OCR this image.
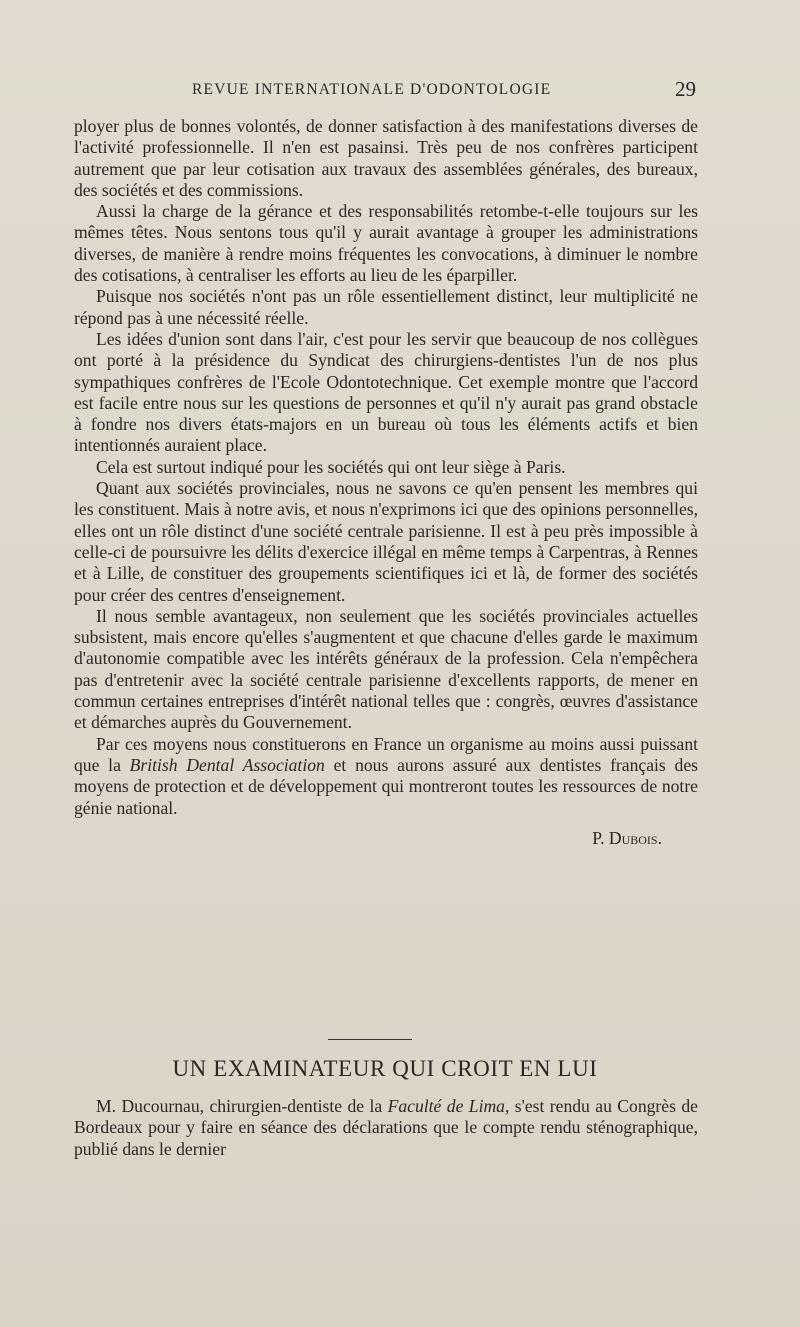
REVUE INTERNATIONALE D'ODONTOLOGIE	29

ployer plus de bonnes volontés, de donner satisfaction à des manifestations diverses de l'activité professionnelle. Il n'en est pasainsi. Très peu de nos confrères participent autrement que par leur cotisation aux travaux des assemblées générales, des bureaux, des sociétés et des commissions.

Aussi la charge de la gérance et des responsabilités retombe-t-elle toujours sur les mêmes têtes. Nous sentons tous qu'il y aurait avantage à grouper les administrations diverses, de manière à rendre moins fréquentes les convocations, à diminuer le nombre des cotisations, à centraliser les efforts au lieu de les éparpiller.

Puisque nos sociétés n'ont pas un rôle essentiellement distinct, leur multiplicité ne répond pas à une nécessité réelle.

Les idées d'union sont dans l'air, c'est pour les servir que beaucoup de nos collègues ont porté à la présidence du Syndicat des chirurgiens-dentistes l'un de nos plus sympathiques confrères de l'Ecole Odontotechnique. Cet exemple montre que l'accord est facile entre nous sur les questions de personnes et qu'il n'y aurait pas grand obstacle à fondre nos divers états-majors en un bureau où tous les éléments actifs et bien intentionnés auraient place.

Cela est surtout indiqué pour les sociétés qui ont leur siège à Paris.

Quant aux sociétés provinciales, nous ne savons ce qu'en pensent les membres qui les constituent. Mais à notre avis, et nous n'exprimons ici que des opinions personnelles, elles ont un rôle distinct d'une société centrale parisienne. Il est à peu près impossible à celle-ci de poursuivre les délits d'exercice illégal en même temps à Carpentras, à Rennes et à Lille, de constituer des groupements scientifiques ici et là, de former des sociétés pour créer des centres d'enseignement.

Il nous semble avantageux, non seulement que les sociétés provinciales actuelles subsistent, mais encore qu'elles s'augmentent et que chacune d'elles garde le maximum d'autonomie compatible avec les intérêts généraux de la profession. Cela n'empêchera pas d'entretenir avec la société centrale parisienne d'excellents rapports, de mener en commun certaines entreprises d'intérêt national telles que : congrès, œuvres d'assistance et démarches auprès du Gouvernement.

Par ces moyens nous constituerons en France un organisme au moins aussi puissant que la British Dental Association et nous aurons assuré aux dentistes français des moyens de protection et de développement qui montreront toutes les ressources de notre génie national.

P. Dubois.

UN EXAMINATEUR QUI CROIT EN LUI

M. Ducournau, chirurgien-dentiste de la Faculté de Lima, s'est rendu au Congrès de Bordeaux pour y faire en séance des déclarations que le compte rendu sténographique, publié dans le dernier
